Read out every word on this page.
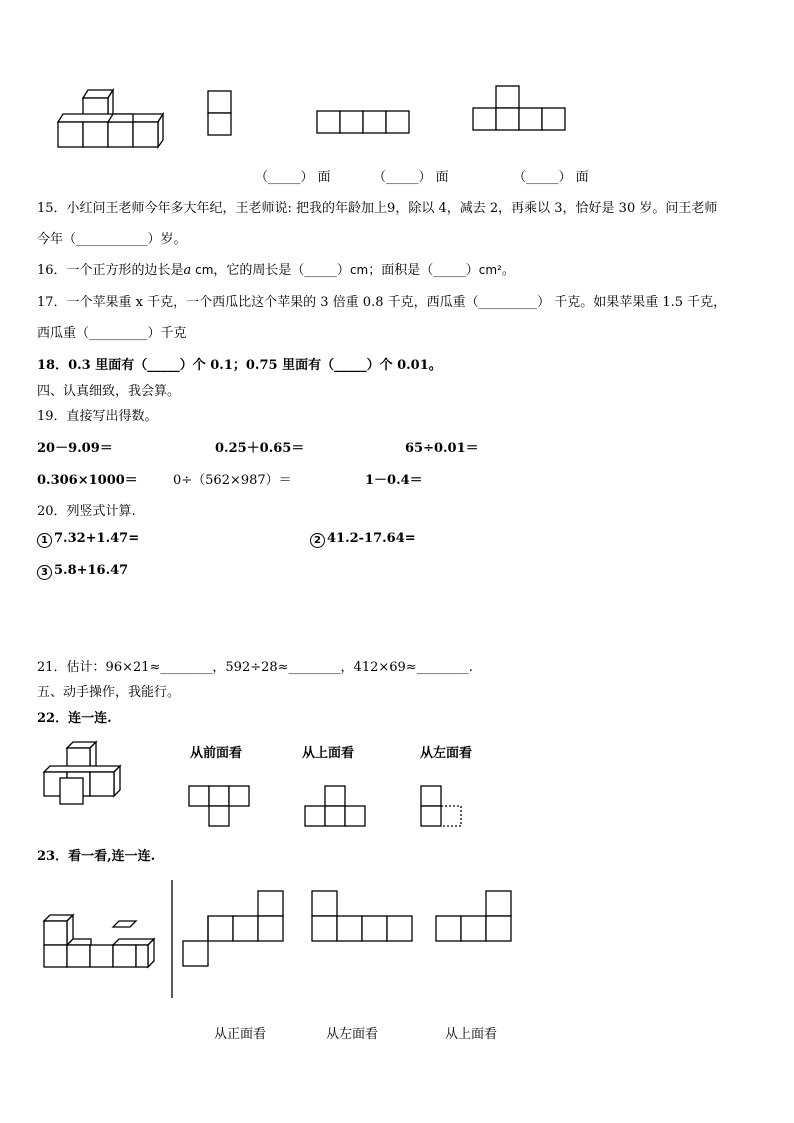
（_____） 面	（_____） 面	（_____） 面
15．小红问王老师今年多大年纪，王老师说: 把我的年龄加上9，除以 4，减去 2，再乘以 3，恰好是 30 岁。问王老师
今年（___________）岁。
16．一个正方形的边长是a cm，它的周长是（_____）cm；面积是（_____）cm²。
17．一个苹果重 x 千克，一个西瓜比这个苹果的 3 倍重 0.8 千克，西瓜重（_________） 千克。如果苹果重 1.5 千克，
西瓜重（_________）千克
18．0.3 里面有（_____）个 0.1；0.75 里面有（_____）个 0.01。
四、认真细致，我会算。
19．直接写出得数。
20－9.09＝	0.25＋0.65＝	65÷0.01＝
0.306×1000＝	0÷（562×987）＝	1－0.4＝
20．列竖式计算.
1 7.32+1.47=	2 41.2-17.64=
3 5.8+16.47
21．估计：96×21≈________，592÷28≈________，412×69≈________.
五、动手操作，我能行。
22．连一连.
从前面看	从上面看	从左面看
23．看一看,连一连.
从正面看	从左面看	从上面看
